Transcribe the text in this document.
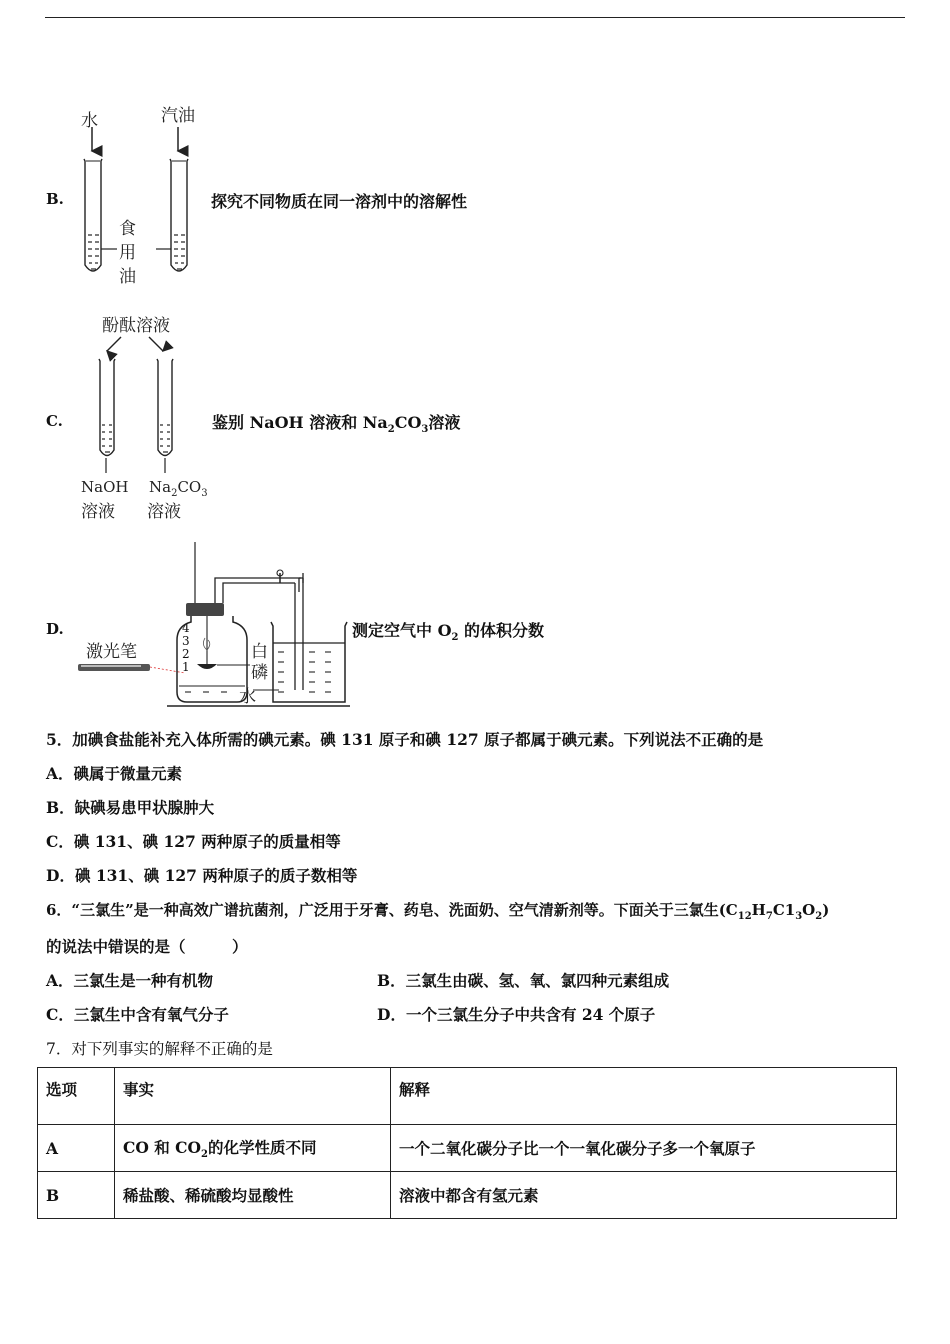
B.
水	汽油
食
用
油
探究不同物质在同一溶剂中的溶解性
C.
酚酞溶液
NaOH
溶液
$Na_2CO_3$
溶液
鉴别 NaOH 溶液和 $Na_2CO_3$溶液
D.
激光笔	白
磷
水
4
3
2
1
测定空气中 $O_2$ 的体积分数
5．加碘食盐能补充入体所需的碘元素。碘 131 原子和碘 127 原子都属于碘元素。下列说法不正确的是
A．碘属于微量元素
B．缺碘易患甲状腺肿大
C．碘 131、碘 127 两种原子的质量相等
D．碘 131、碘 127 两种原子的质子数相等
6．“三氯生”是一种高效广谱抗菌剂，广泛用于牙膏、药皂、洗面奶、空气清新剂等。下面关于三氯生$(C_{12}H_7C1_3O_2)$
的说法中错误的是（　　　）
A．三氯生是一种有机物	B．三氯生由碳、氢、氧、氯四种元素组成
C．三氯生中含有氧气分子	D．一个三氯生分子中共含有 24 个原子
7．对下列事实的解释不正确的是
选项	事实	解释
A	CO 和 $CO_2$的化学性质不同	一个二氧化碳分子比一个一氧化碳分子多一个氧原子
B	稀盐酸、稀硫酸均显酸性	溶液中都含有氢元素
